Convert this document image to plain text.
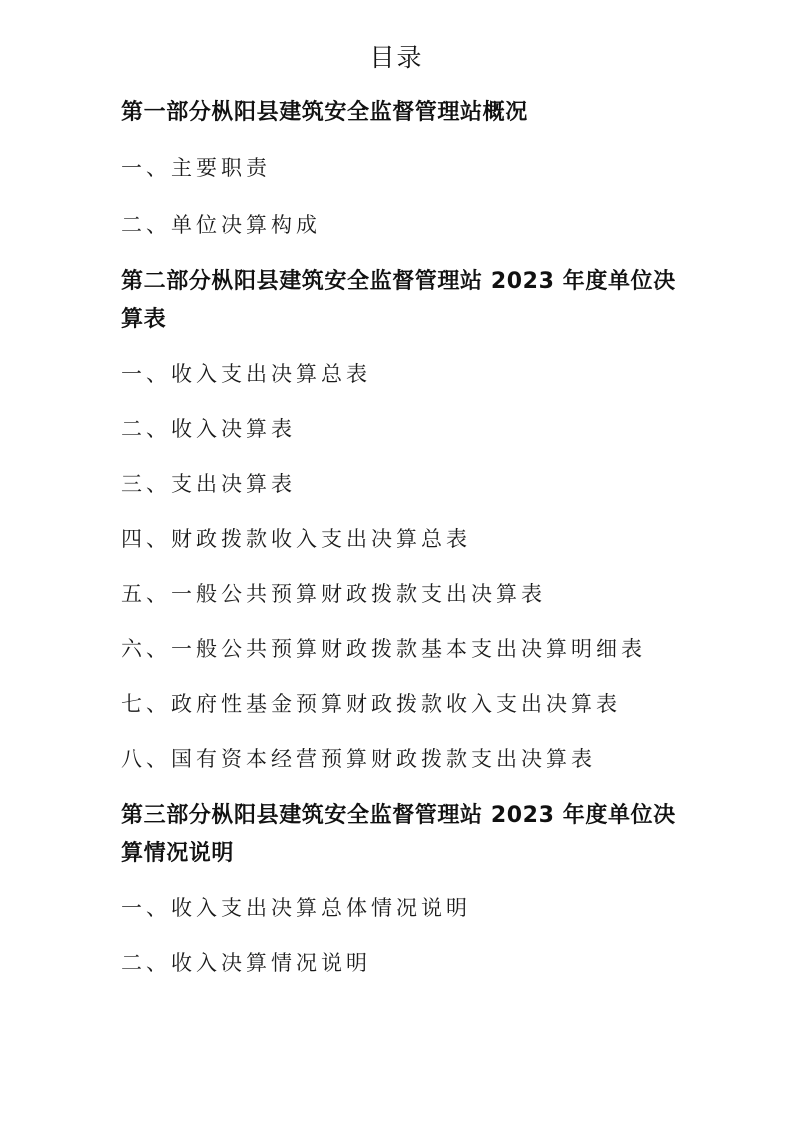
目录
第一部分枞阳县建筑安全监督管理站概况
一、主要职责
二、单位决算构成
第二部分枞阳县建筑安全监督管理站 2023 年度单位决算表
一、收入支出决算总表
二、收入决算表
三、支出决算表
四、财政拨款收入支出决算总表
五、一般公共预算财政拨款支出决算表
六、一般公共预算财政拨款基本支出决算明细表
七、政府性基金预算财政拨款收入支出决算表
八、国有资本经营预算财政拨款支出决算表
第三部分枞阳县建筑安全监督管理站 2023 年度单位决算情况说明
一、收入支出决算总体情况说明
二、收入决算情况说明
